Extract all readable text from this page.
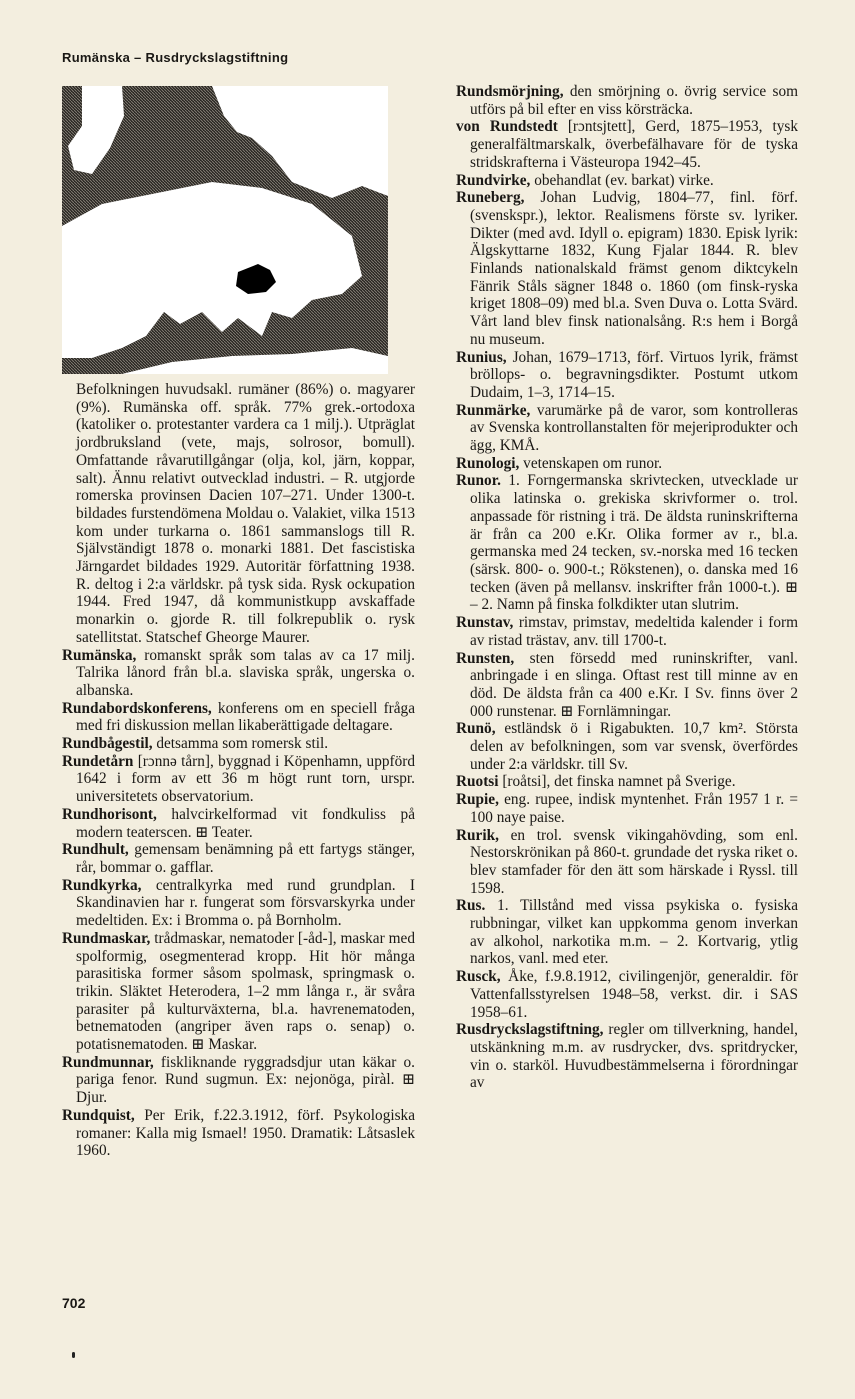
Rumänska – Rusdryckslagstiftning

Befolkningen huvudsakl. rumäner (86%) o. magyarer (9%). Rumänska off. språk. 77% grek.-ortodoxa (katoliker o. protestanter vardera ca 1 milj.). Utpräglat jordbruksland (vete, majs, solrosor, bomull). Omfattande råvarutillgångar (olja, kol, järn, koppar, salt). Ännu relativt outvecklad industri. – R. utgjorde romerska provinsen Dacien 107–271. Under 1300-t. bildades furstendömena Moldau o. Valakiet, vilka 1513 kom under turkarna o. 1861 sammanslogs till R. Självständigt 1878 o. monarki 1881. Det fascistiska Järngardet bildades 1929. Autoritär författning 1938. R. deltog i 2:a världskr. på tysk sida. Rysk ockupation 1944. Fred 1947, då kommunistkupp avskaffade monarkin o. gjorde R. till folkrepublik o. rysk satellitstat. Statschef Gheorge Maurer.

Rumänska, romanskt språk som talas av ca 17 milj. Talrika lånord från bl.a. slaviska språk, ungerska o. albanska.

Rundabordskonferens, konferens om en speciell fråga med fri diskussion mellan likaberättigade deltagare.

Rundbågestil, detsamma som romersk stil.

Rundetårn [rɔnnə tårn], byggnad i Köpenhamn, uppförd 1642 i form av ett 36 m högt runt torn, urspr. universitetets observatorium.

Rundhorisont, halvcirkelformad vit fondkuliss på modern teaterscen. ⊞ Teater.

Rundhult, gemensam benämning på ett fartygs stänger, rår, bommar o. gafflar.

Rundkyrka, centralkyrka med rund grundplan. I Skandinavien har r. fungerat som försvarskyrka under medeltiden. Ex: i Bromma o. på Bornholm.

Rundmaskar, trådmaskar, nematoder [-åd-], maskar med spolformig, osegmenterad kropp. Hit hör många parasitiska former såsom spolmask, springmask o. trikin. Släktet Heterodera, 1–2 mm långa r., är svåra parasiter på kulturväxterna, bl.a. havrenematoden, betnematoden (angriper även raps o. senap) o. potatisnematoden. ⊞ Maskar.

Rundmunnar, fiskliknande ryggradsdjur utan käkar o. pariga fenor. Rund sugmun. Ex: nejonöga, piràl. ⊞ Djur.

Rundquist, Per Erik, f.22.3.1912, förf. Psykologiska romaner: Kalla mig Ismael! 1950. Dramatik: Låtsaslek 1960.

Rundsmörjning, den smörjning o. övrig service som utförs på bil efter en viss körsträcka.

von Rundstedt [rɔntsjtett], Gerd, 1875–1953, tysk generalfältmarskalk, överbefälhavare för de tyska stridskrafterna i Västeuropa 1942–45.

Rundvirke, obehandlat (ev. barkat) virke.

Runeberg, Johan Ludvig, 1804–77, finl. förf. (svenskspr.), lektor. Realismens förste sv. lyriker. Dikter (med avd. Idyll o. epigram) 1830. Episk lyrik: Älgskyttarne 1832, Kung Fjalar 1844. R. blev Finlands nationalskald främst genom diktcykeln Fänrik Ståls sägner 1848 o. 1860 (om finsk-ryska kriget 1808–09) med bl.a. Sven Duva o. Lotta Svärd. Vårt land blev finsk nationalsång. R:s hem i Borgå nu museum.

Runius, Johan, 1679–1713, förf. Virtuos lyrik, främst bröllops- o. begravningsdikter. Postumt utkom Dudaim, 1–3, 1714–15.

Runmärke, varumärke på de varor, som kontrolleras av Svenska kontrollanstalten för mejeriprodukter och ägg, KMÅ.

Runologi, vetenskapen om runor.

Runor. 1. Forngermanska skrivtecken, utvecklade ur olika latinska o. grekiska skrivformer o. trol. anpassade för ristning i trä. De äldsta runinskrifterna är från ca 200 e.Kr. Olika former av r., bl.a. germanska med 24 tecken, sv.-norska med 16 tecken (särsk. 800- o. 900-t.; Rökstenen), o. danska med 16 tecken (även på mellansv. inskrifter från 1000-t.). ⊞ – 2. Namn på finska folkdikter utan slutrim.

Runstav, rimstav, primstav, medeltida kalender i form av ristad trästav, anv. till 1700-t.

Runsten, sten försedd med runinskrifter, vanl. anbringade i en slinga. Oftast rest till minne av en död. De äldsta från ca 400 e.Kr. I Sv. finns över 2 000 runstenar. ⊞ Fornlämningar.

Runö, estländsk ö i Rigabukten. 10,7 km². Största delen av befolkningen, som var svensk, överfördes under 2:a världskr. till Sv.

Ruotsi [roåtsi], det finska namnet på Sverige.

Rupie, eng. rupee, indisk myntenhet. Från 1957 1 r. = 100 naye paise.

Rurik, en trol. svensk vikingahövding, som enl. Nestorskrönikan på 860-t. grundade det ryska riket o. blev stamfader för den ätt som härskade i Ryssl. till 1598.

Rus. 1. Tillstånd med vissa psykiska o. fysiska rubbningar, vilket kan uppkomma genom inverkan av alkohol, narkotika m.m. – 2. Kortvarig, ytlig narkos, vanl. med eter.

Rusck, Åke, f.9.8.1912, civilingenjör, generaldir. för Vattenfallsstyrelsen 1948–58, verkst. dir. i SAS 1958–61.

Rusdryckslagstiftning, regler om tillverkning, handel, utskänkning m.m. av rusdrycker, dvs. spritdrycker, vin o. starköl. Huvudbestämmelserna i förordningar av

702
